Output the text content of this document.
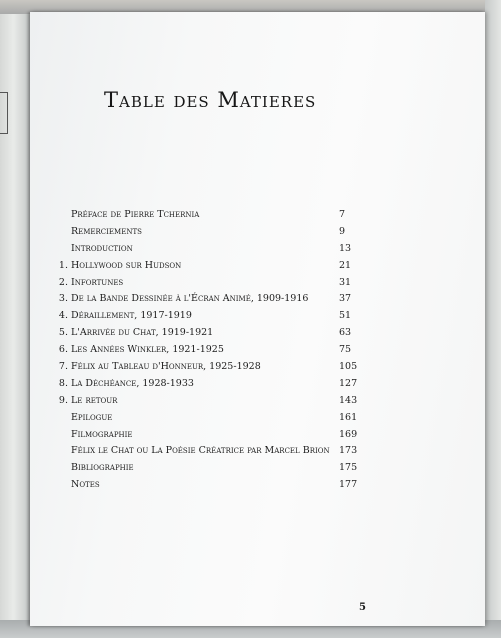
Table des Matieres
Préface de Pierre Tchernia	7
Remerciements	9
Introduction	13
1. Hollywood sur Hudson	21
2. Infortunes	31
3. De la Bande Dessinée à l'Écran Animé, 1909-1916	37
4. Déraillement, 1917-1919	51
5. L'Arrivée du Chat, 1919-1921	63
6. Les Années Winkler, 1921-1925	75
7. Félix au Tableau d'Honneur, 1925-1928	105
8. La Déchéance, 1928-1933	127
9. Le retour	143
Epilogue	161
Filmographie	169
Félix le Chat ou La Poésie Créatrice par Marcel Brion 173
Bibliographie	175
Notes	177
5
